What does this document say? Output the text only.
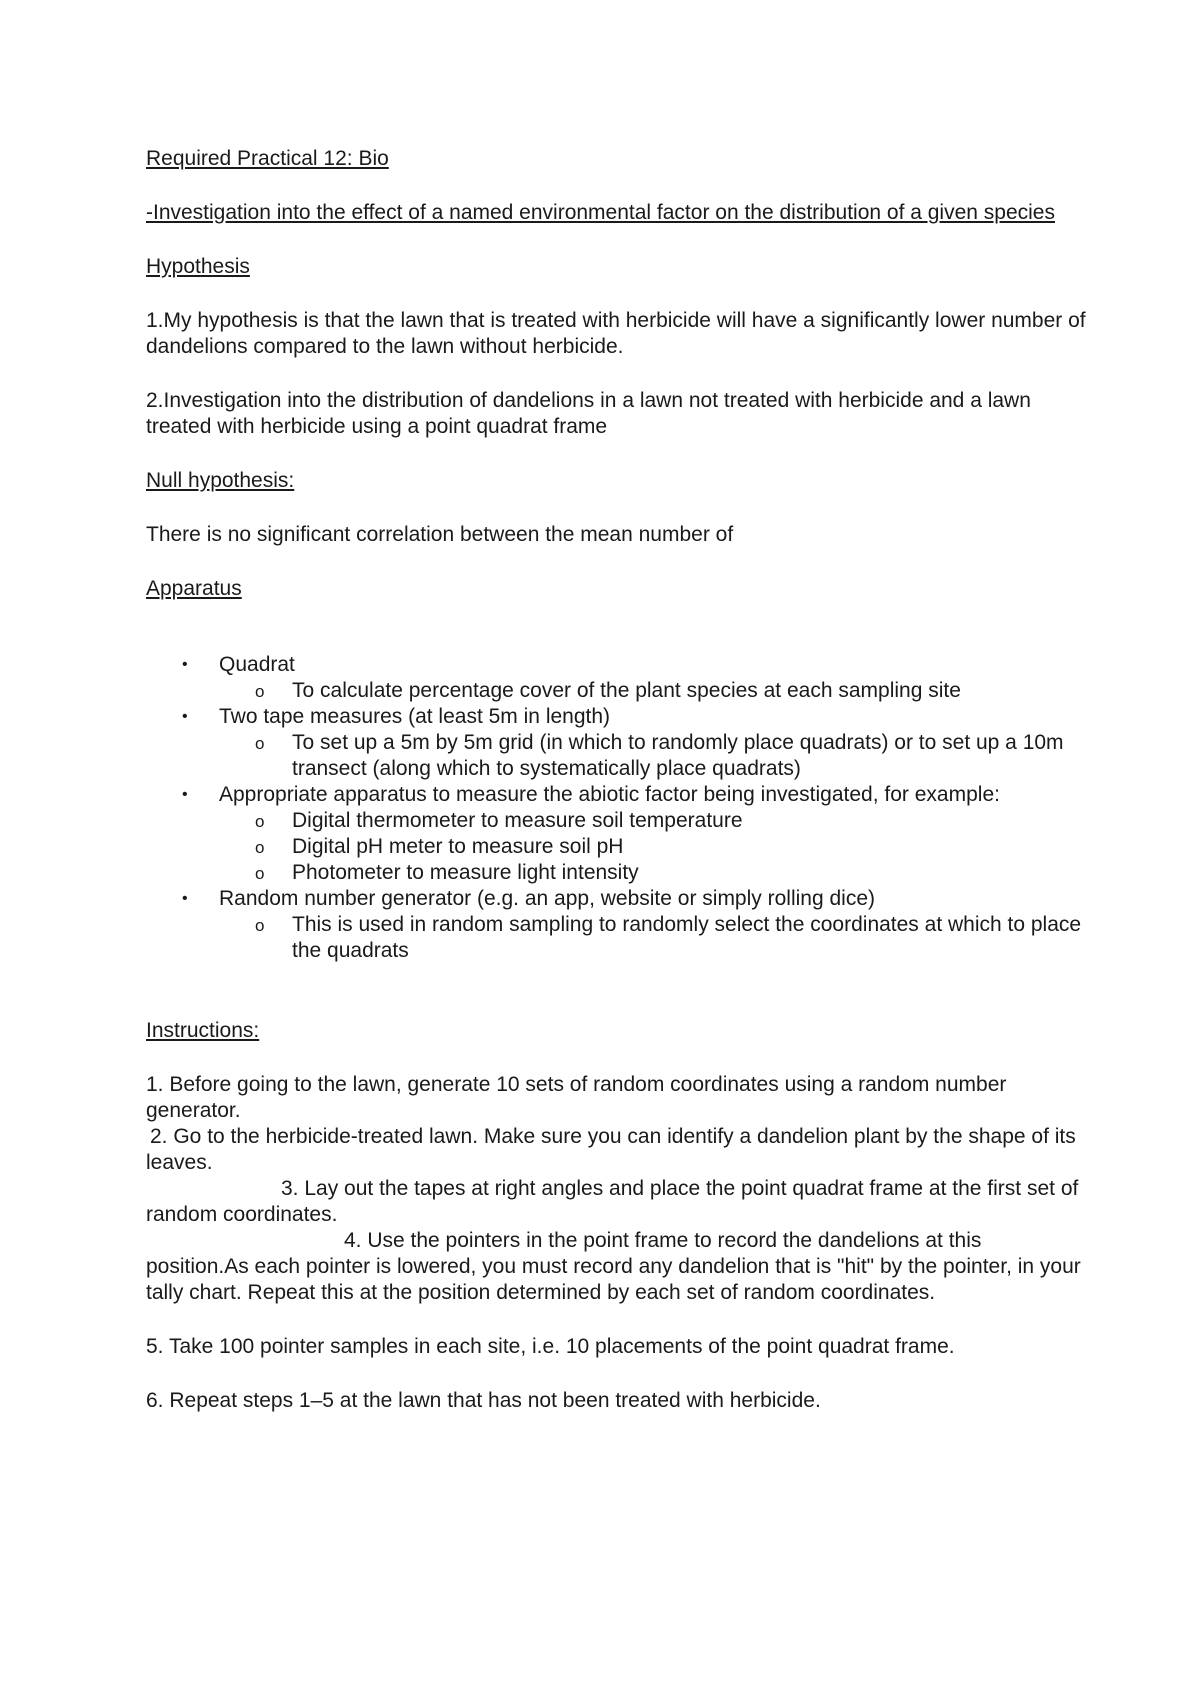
Required Practical 12: Bio

-Investigation into the effect of a named environmental factor on the distribution of a given species

Hypothesis

1.My hypothesis is that the lawn that is treated with herbicide will have a significantly lower number of dandelions compared to the lawn without herbicide.

2.Investigation into the distribution of dandelions in a lawn not treated with herbicide and a lawn treated with herbicide using a point quadrat frame

Null hypothesis:

There is no significant correlation between the mean number of

Apparatus

•	Quadrat
o	To calculate percentage cover of the plant species at each sampling site
•	Two tape measures (at least 5m in length)
o	To set up a 5m by 5m grid (in which to randomly place quadrats) or to set up a 10m transect (along which to systematically place quadrats)
•	Appropriate apparatus to measure the abiotic factor being investigated, for example:
o	Digital thermometer to measure soil temperature
o	Digital pH meter to measure soil pH
o	Photometer to measure light intensity
•	Random number generator (e.g. an app, website or simply rolling dice)
o	This is used in random sampling to randomly select the coordinates at which to place the quadrats

Instructions:

1. Before going to the lawn, generate 10 sets of random coordinates using a random number generator.

2. Go to the herbicide-treated lawn. Make sure you can identify a dandelion plant by the shape of its leaves.

3. Lay out the tapes at right angles and place the point quadrat frame at the first set of random coordinates.

4. Use the pointers in the point frame to record the dandelions at this position.As each pointer is lowered, you must record any dandelion that is "hit" by the pointer, in your tally chart. Repeat this at the position determined by each set of random coordinates.

5. Take 100 pointer samples in each site, i.e. 10 placements of the point quadrat frame.

6. Repeat steps 1–5 at the lawn that has not been treated with herbicide.
